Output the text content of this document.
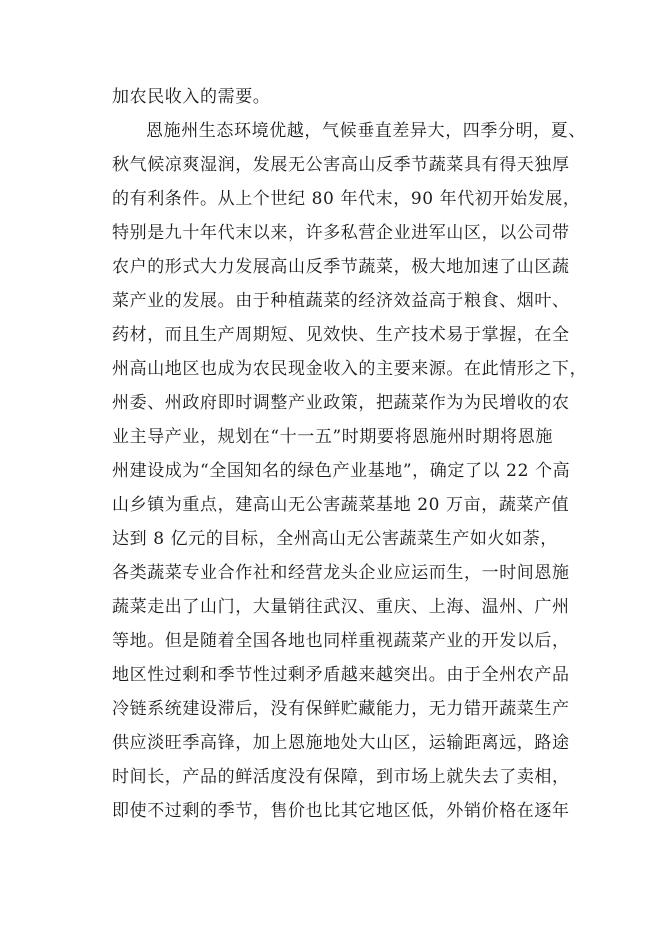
加农民收入的需要。
恩施州生态环境优越，气候垂直差异大，四季分明，夏、
秋气候凉爽湿润，发展无公害高山反季节蔬菜具有得天独厚
的有利条件。从上个世纪 80 年代末，90 年代初开始发展，
特别是九十年代末以来，许多私营企业进军山区，以公司带
农户的形式大力发展高山反季节蔬菜，极大地加速了山区蔬
菜产业的发展。由于种植蔬菜的经济效益高于粮食、烟叶、
药材，而且生产周期短、见效快、生产技术易于掌握，在全
州高山地区也成为农民现金收入的主要来源。在此情形之下，
州委、州政府即时调整产业政策，把蔬菜作为为民增收的农
业主导产业，规划在“十一五”时期要将恩施州时期将恩施
州建设成为“全国知名的绿色产业基地”，确定了以 22 个高
山乡镇为重点，建高山无公害蔬菜基地 20 万亩，蔬菜产值
达到 8 亿元的目标，全州高山无公害蔬菜生产如火如荼，
各类蔬菜专业合作社和经营龙头企业应运而生，一时间恩施
蔬菜走出了山门，大量销往武汉、重庆、上海、温州、广州
等地。但是随着全国各地也同样重视蔬菜产业的开发以后，
地区性过剩和季节性过剩矛盾越来越突出。由于全州农产品
冷链系统建设滞后，没有保鲜贮藏能力，无力错开蔬菜生产
供应淡旺季高锋，加上恩施地处大山区，运输距离远，路途
时间长，产品的鲜活度没有保障，到市场上就失去了卖相，
即使不过剩的季节，售价也比其它地区低，外销价格在逐年
